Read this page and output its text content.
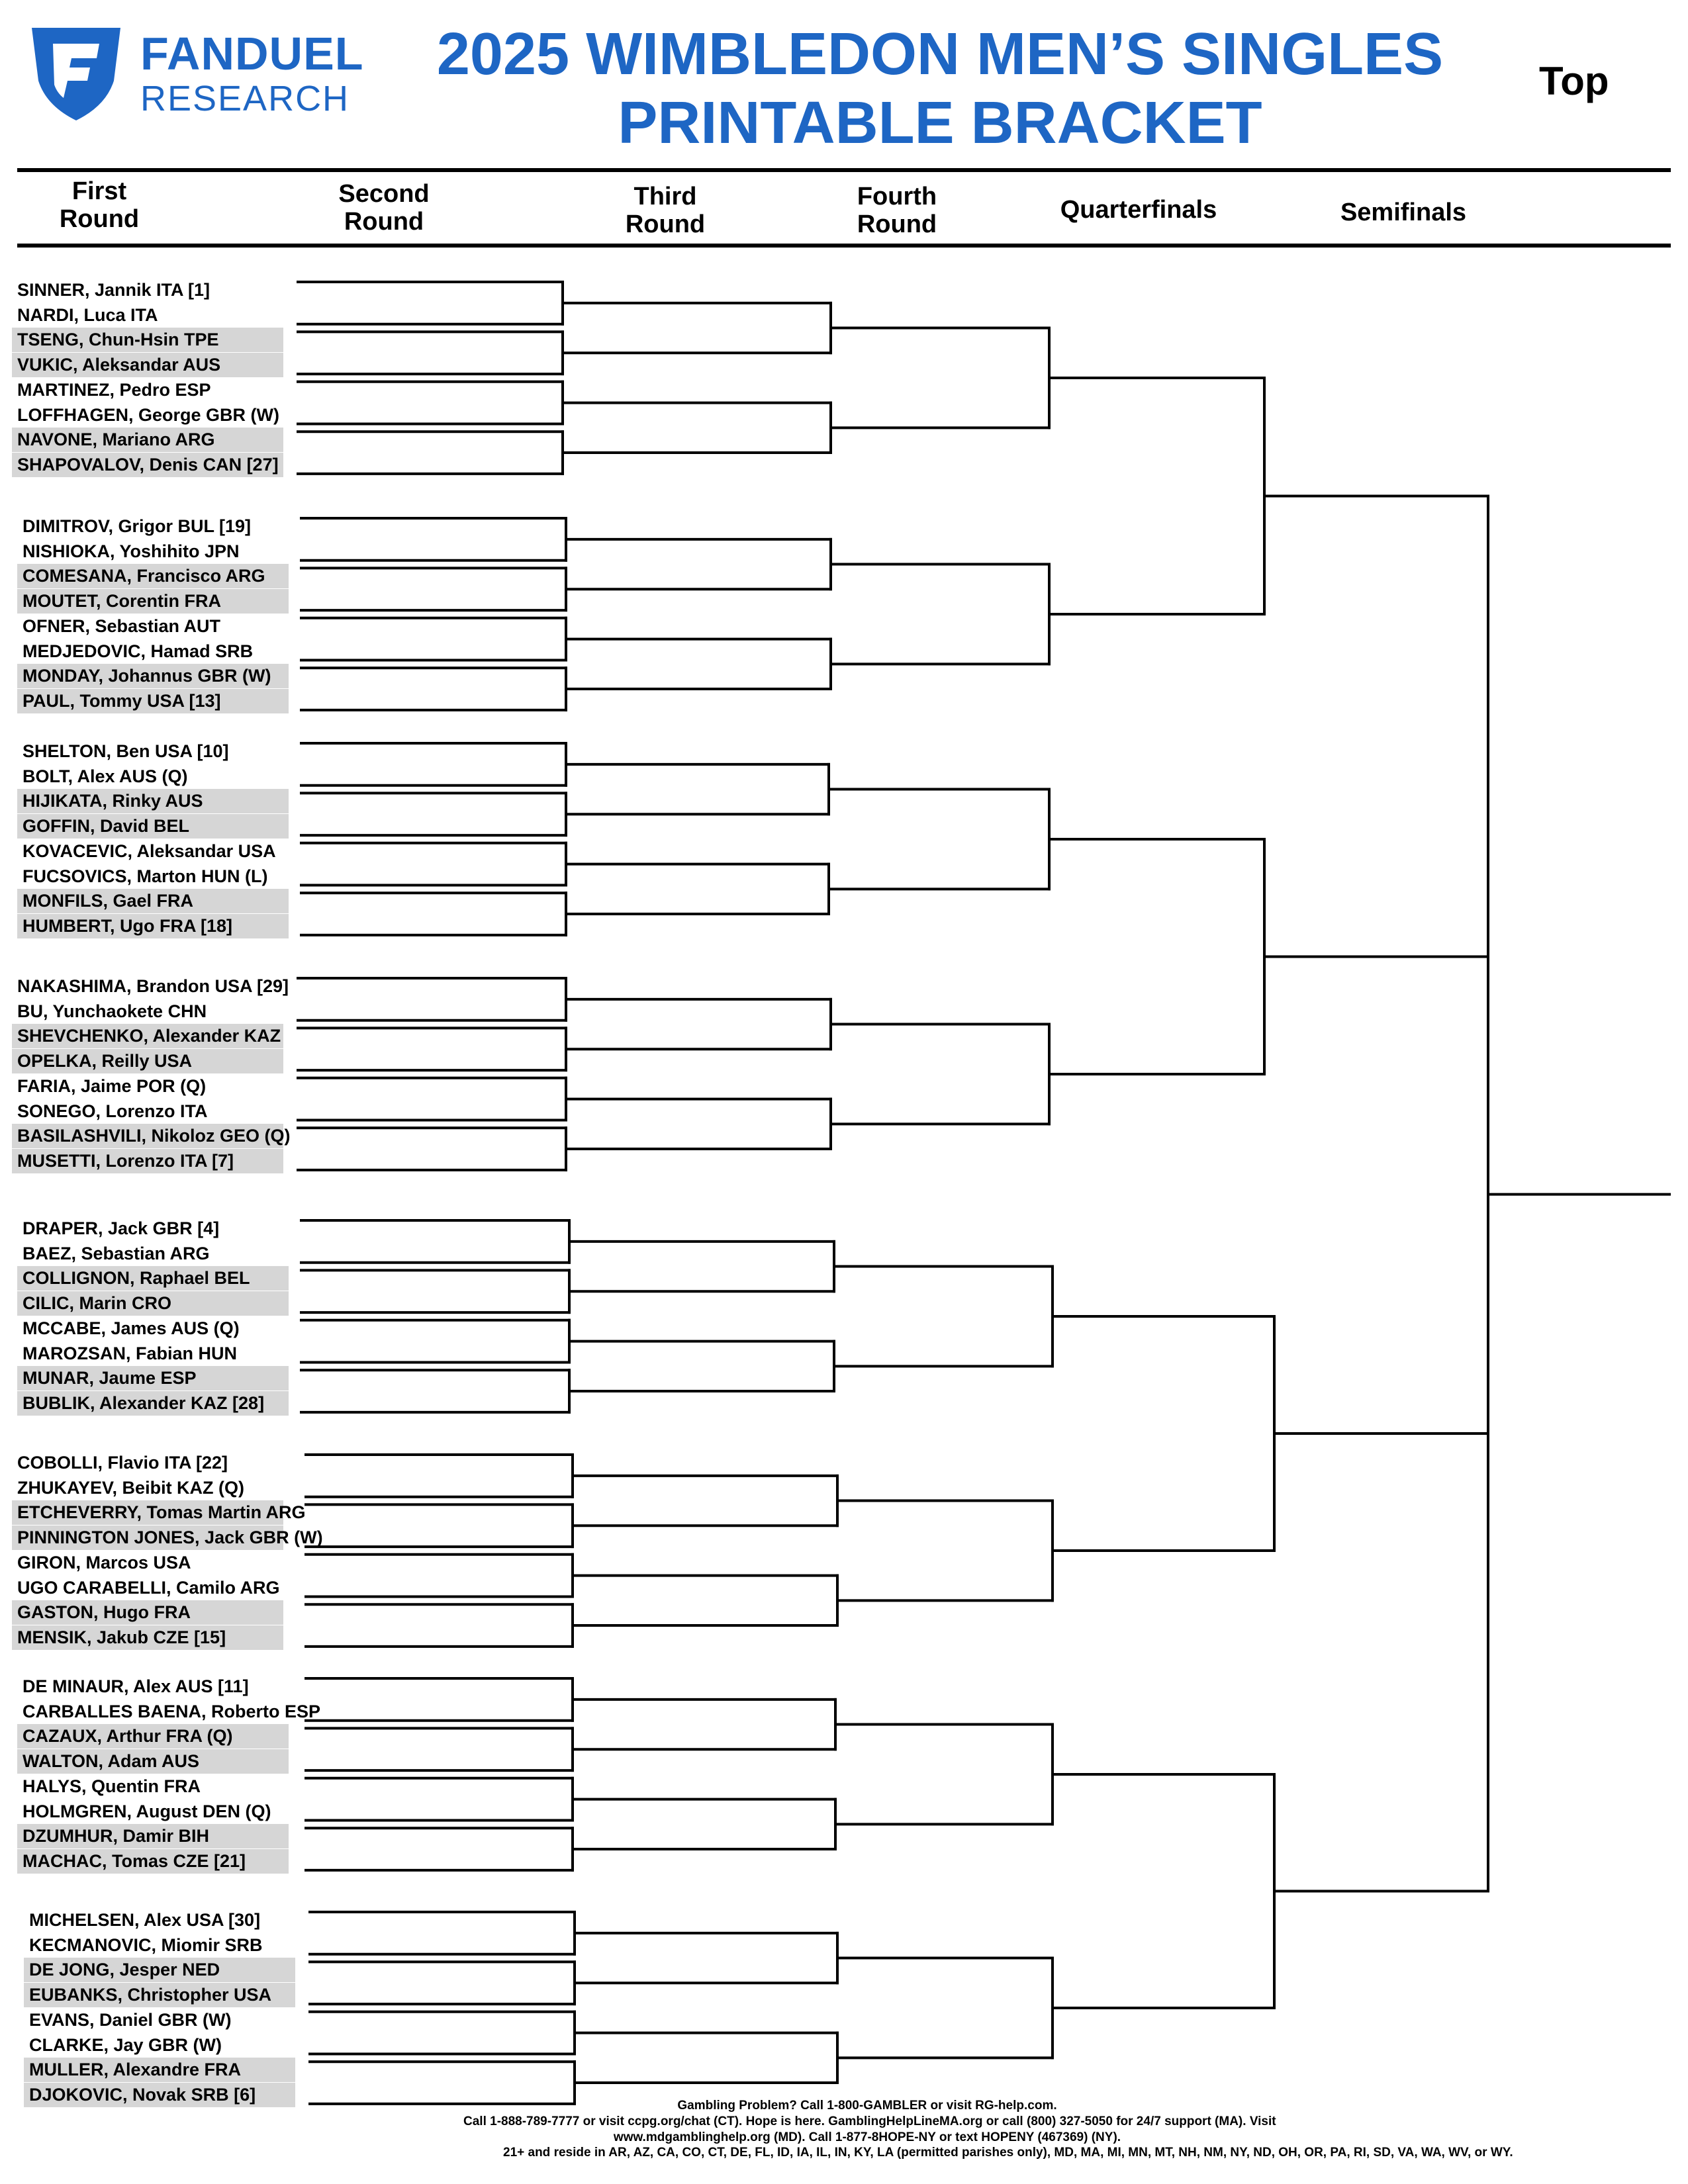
FANDUEL
RESEARCH
2025 WIMBLEDON MEN’S SINGLES
PRINTABLE BRACKET
Top
First
Round
Second
Round
Third
Round
Fourth
Round
Quarterfinals	Semifinals
SINNER, Jannik ITA [1]
NARDI, Luca ITA
TSENG, Chun-Hsin TPE
VUKIC, Aleksandar AUS
MARTINEZ, Pedro ESP
LOFFHAGEN, George GBR (W)
NAVONE, Mariano ARG
SHAPOVALOV, Denis CAN [27]
DIMITROV, Grigor BUL [19]
NISHIOKA, Yoshihito JPN
COMESANA, Francisco ARG
MOUTET, Corentin FRA
OFNER, Sebastian AUT
MEDJEDOVIC, Hamad SRB
MONDAY, Johannus GBR (W)
PAUL, Tommy USA [13]
SHELTON, Ben USA [10]
BOLT, Alex AUS (Q)
HIJIKATA, Rinky AUS
GOFFIN, David BEL
KOVACEVIC, Aleksandar USA
FUCSOVICS, Marton HUN (L)
MONFILS, Gael FRA
HUMBERT, Ugo FRA [18]
NAKASHIMA, Brandon USA [29]
BU, Yunchaokete CHN
SHEVCHENKO, Alexander KAZ
OPELKA, Reilly USA
FARIA, Jaime POR (Q)
SONEGO, Lorenzo ITA
BASILASHVILI, Nikoloz GEO (Q)
MUSETTI, Lorenzo ITA [7]
DRAPER, Jack GBR [4]
BAEZ, Sebastian ARG
COLLIGNON, Raphael BEL
CILIC, Marin CRO
MCCABE, James AUS (Q)
MAROZSAN, Fabian HUN
MUNAR, Jaume ESP
BUBLIK, Alexander KAZ [28]
COBOLLI, Flavio ITA [22]
ZHUKAYEV, Beibit KAZ (Q)
ETCHEVERRY, Tomas Martin ARG
PINNINGTON JONES, Jack GBR (W)
GIRON, Marcos USA
UGO CARABELLI, Camilo ARG
GASTON, Hugo FRA
MENSIK, Jakub CZE [15]
DE MINAUR, Alex AUS [11]
CARBALLES BAENA, Roberto ESP
CAZAUX, Arthur FRA (Q)
WALTON, Adam AUS
HALYS, Quentin FRA
HOLMGREN, August DEN (Q)
DZUMHUR, Damir BIH
MACHAC, Tomas CZE [21]
MICHELSEN, Alex USA [30]
KECMANOVIC, Miomir SRB
DE JONG, Jesper NED
EUBANKS, Christopher USA
EVANS, Daniel GBR (W)
CLARKE, Jay GBR (W)
MULLER, Alexandre FRA
DJOKOVIC, Novak SRB [6]
Gambling Problem? Call 1-800-GAMBLER or visit RG-help.com.
Call 1-888-789-7777 or visit ccpg.org/chat (CT). Hope is here. GamblingHelpLineMA.org or call (800) 327-5050 for 24/7 support (MA). Visit
www.mdgamblinghelp.org (MD). Call 1-877-8HOPE-NY or text HOPENY (467369) (NY).
21+ and reside in AR, AZ, CA, CO, CT, DE, FL, ID, IA, IL, IN, KY, LA (permitted parishes only), MD, MA, MI, MN, MT, NH, NM, NY, ND, OH, OR, PA, RI, SD, VA, WA, WV, or WY.
